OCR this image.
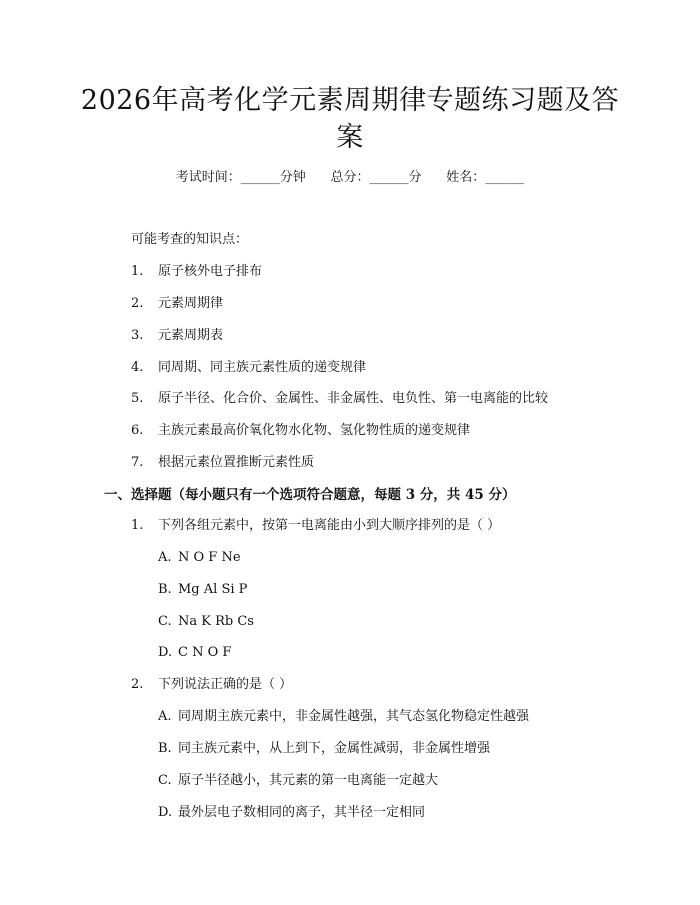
2026年高考化学元素周期律专题练习题及答
案
考试时间：______分钟      总分：______分      姓名：______
可能考查的知识点：
1. 原子核外电子排布
2. 元素周期律
3. 元素周期表
4. 同周期、同主族元素性质的递变规律
5. 原子半径、化合价、金属性、非金属性、电负性、第一电离能的比较
6. 主族元素最高价氧化物水化物、氢化物性质的递变规律
7. 根据元素位置推断元素性质
一、选择题（每小题只有一个选项符合题意，每题 3 分，共 45 分）
1. 下列各组元素中，按第一电离能由小到大顺序排列的是（ ）
A. N O F Ne
B. Mg Al Si P
C. Na K Rb Cs
D. C N O F
2. 下列说法正确的是（ ）
A. 同周期主族元素中，非金属性越强，其气态氢化物稳定性越强
B. 同主族元素中，从上到下，金属性减弱，非金属性增强
C. 原子半径越小，其元素的第一电离能一定越大
D. 最外层电子数相同的离子，其半径一定相同
